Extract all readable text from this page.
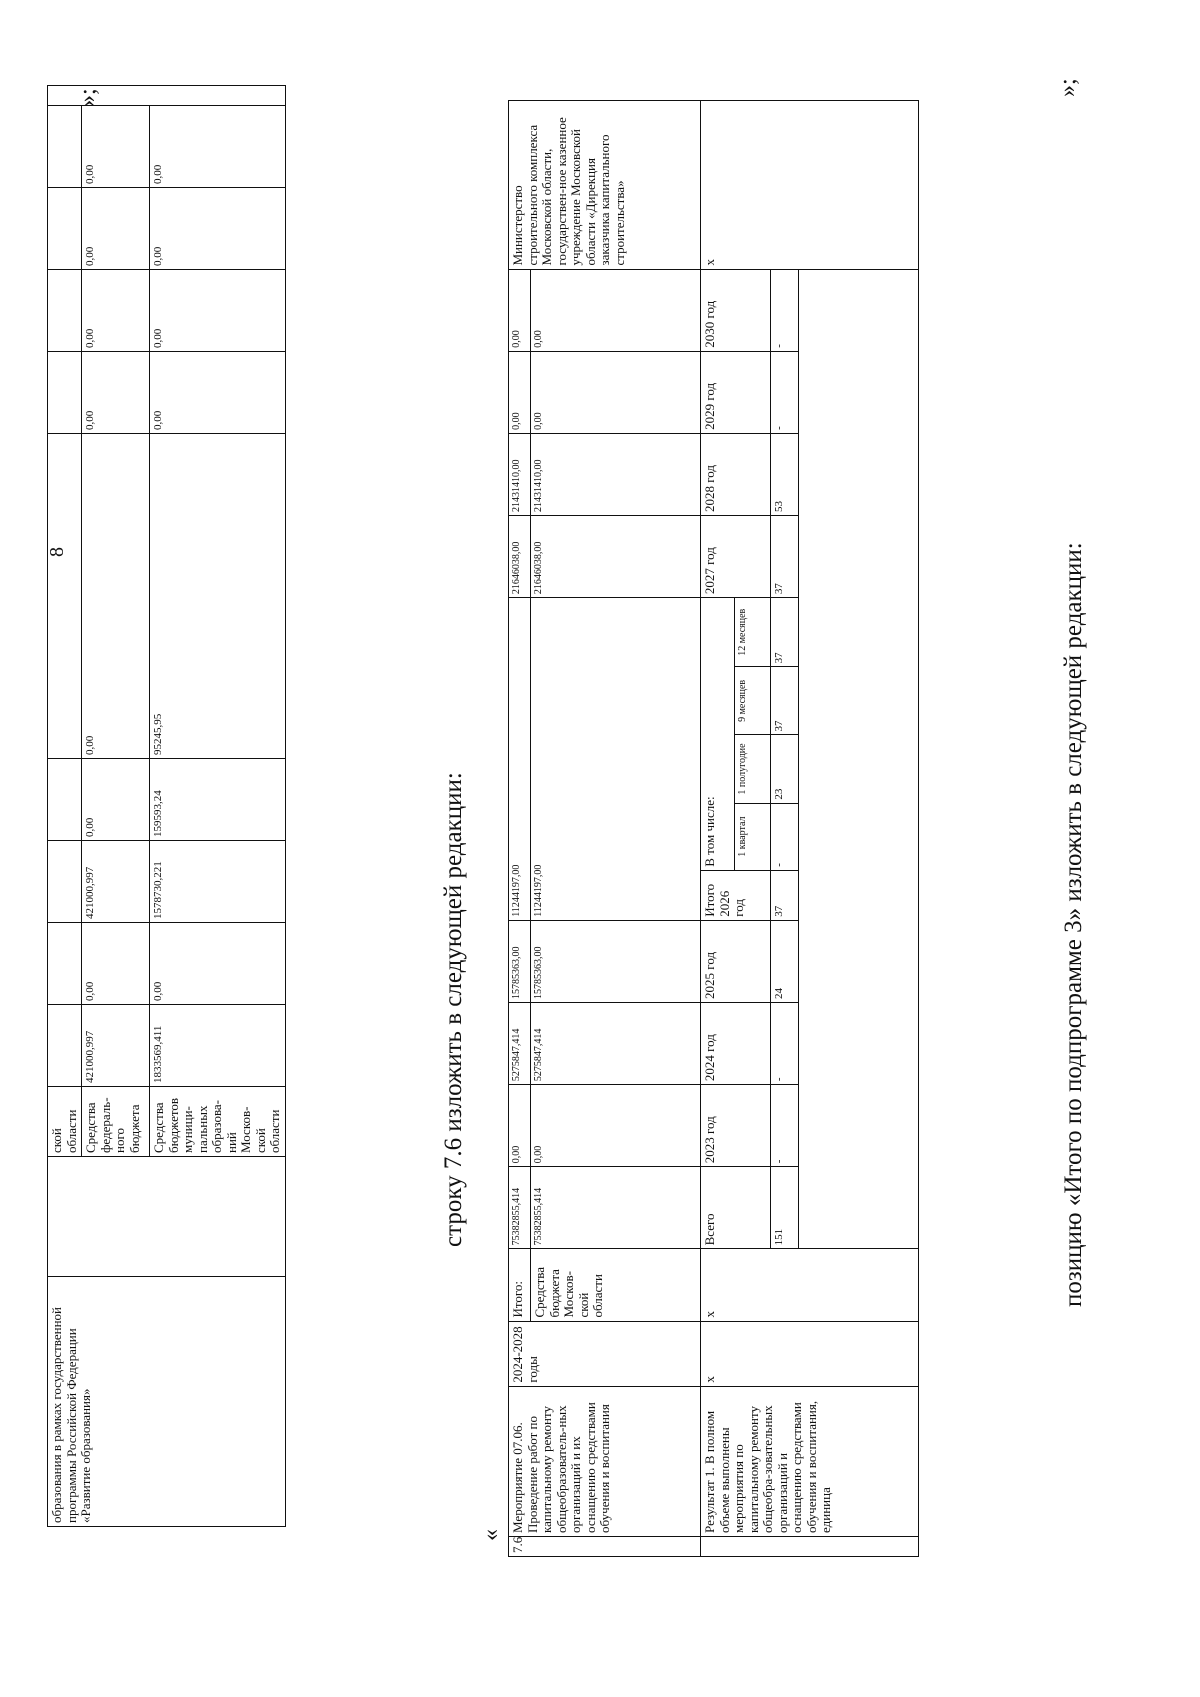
8
образования в рамках государственной программы Российской Федерации «Развитие образования»		ской области										
		Средства федераль-ного бюджета	421000,997	0,00	421000,997	0,00	0,00	0,00	0,00	0,00	0,00	
		Средства бюджетов муници-пальных образова-ний Москов-ской области	1833569,411	0,00	1578730,221	159593,24	95245,95	0,00	0,00	0,00	0,00	
»;
строку 7.6 изложить в следующей редакции:
«
7.6	Мероприятие 07.06. Проведение работ по капитальному ремонту общеобразователь-ных организаций и их оснащению средствами обучения и воспитания	2024-2028 годы	Итого:	75382855,414	0,00	5275847,414	15785363,00	11244197,00					21646038,00	21431410,00	0,00	0,00	Министерство строительного комплекса Московской области, государствен-ное казенное учреждение Московской области «Дирекция заказчика капитального строительства»
			Средства бюджета Москов-ской области	75382855,414	0,00	5275847,414	15785363,00	11244197,00					21646038,00	21431410,00	0,00	0,00	
	Результат 1. В полном объеме выполнены мероприятия по капитальному ремонту общеобра-зовательных организаций и оснащению средствами обучения и воспитания, единица	x	x	Всего	2023 год	2024 год	2025 год	Итого 2026 год	В том числе:				2027 год	2028 год	2029 год	2030 год	x
									1 квартал	1 полугодие	9 месяцев	12 месяцев					
				151	-	-	24	37	-	23	37	37	37	53	-	-	

»;
позицию «Итого по подпрограмме 3» изложить в следующей редакции:
